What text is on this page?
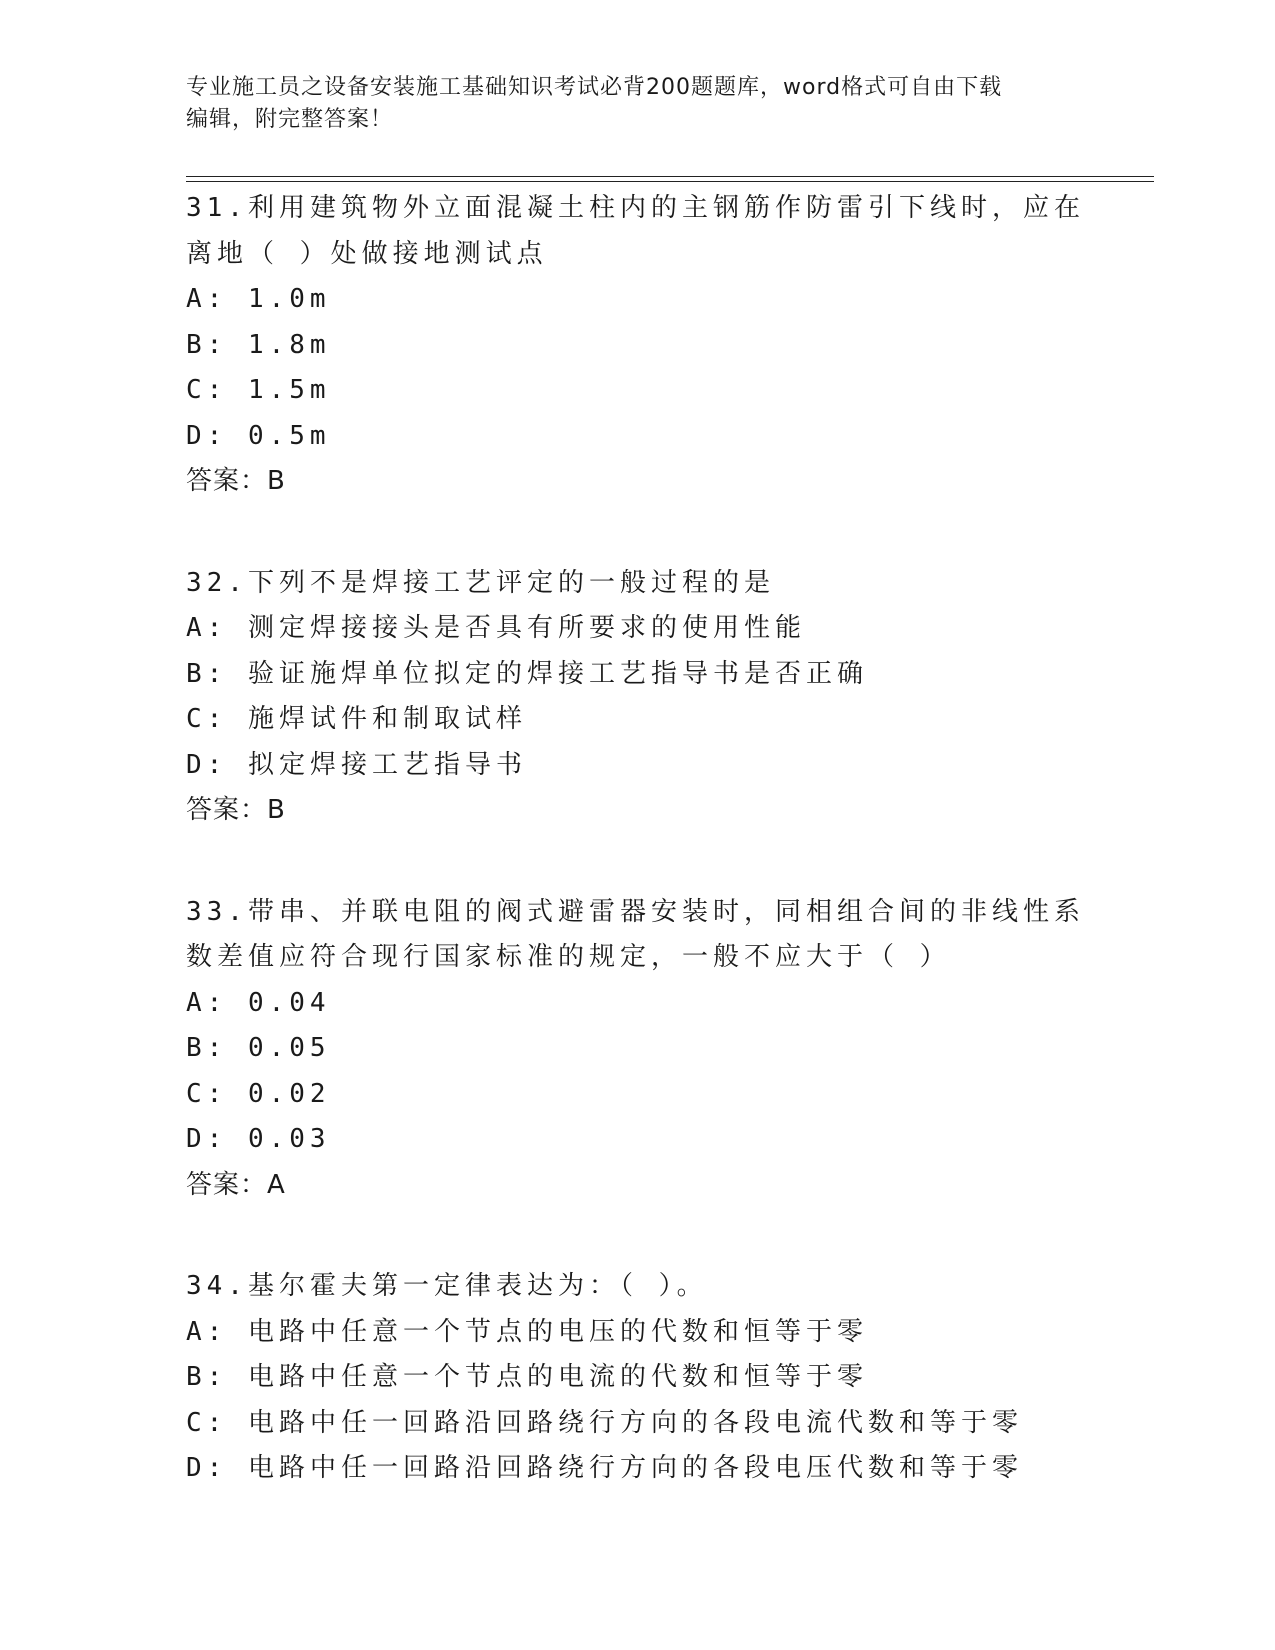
专业施工员之设备安装施工基础知识考试必背200题题库，word格式可自由下载
编辑，附完整答案！
31.利用建筑物外立面混凝土柱内的主钢筋作防雷引下线时，应在离地（ ）处做接地测试点
A: 1.0m
B: 1.8m
C: 1.5m
D: 0.5m
答案：B
32.下列不是焊接工艺评定的一般过程的是
A: 测定焊接接头是否具有所要求的使用性能
B: 验证施焊单位拟定的焊接工艺指导书是否正确
C: 施焊试件和制取试样
D: 拟定焊接工艺指导书
答案：B
33.带串、并联电阻的阀式避雷器安装时，同相组合间的非线性系数差值应符合现行国家标准的规定，一般不应大于（ ）
A: 0.04
B: 0.05
C: 0.02
D: 0.03
答案：A
34.基尔霍夫第一定律表达为：（ ）。
A: 电路中任意一个节点的电压的代数和恒等于零
B: 电路中任意一个节点的电流的代数和恒等于零
C: 电路中任一回路沿回路绕行方向的各段电流代数和等于零
D: 电路中任一回路沿回路绕行方向的各段电压代数和等于零
